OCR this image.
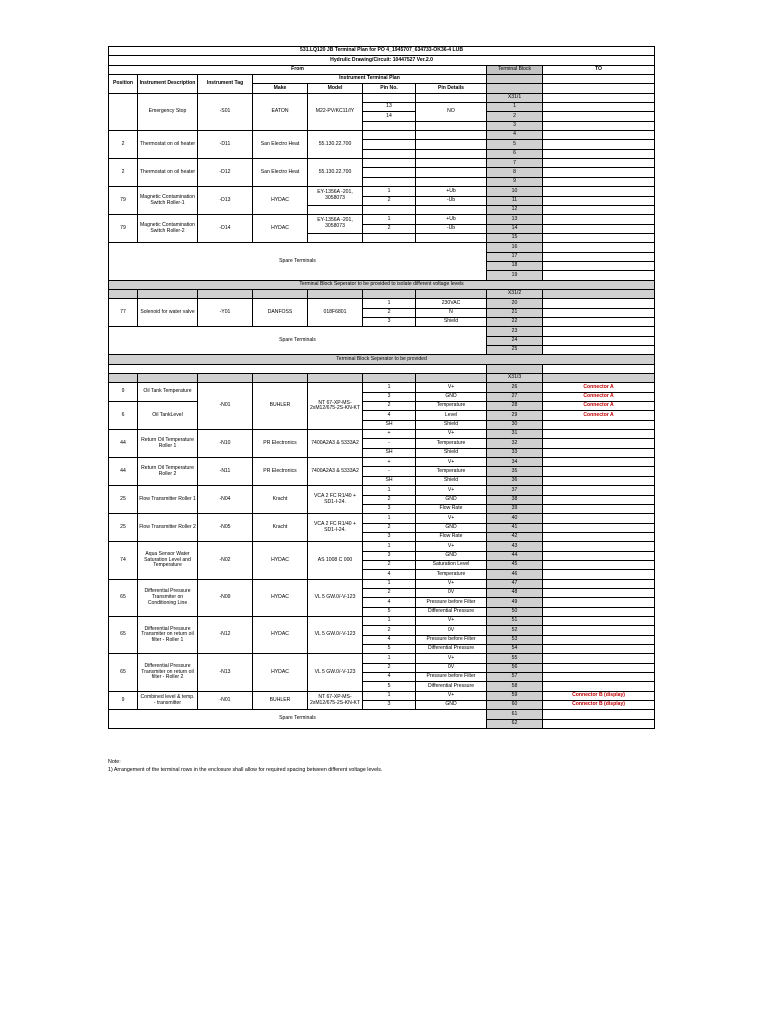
531.LQ120 JB Terminal Plan for PO 4_1945707_634733-OK36-4 LUB								
Hydrulic Drawing/Circuit: 10447527 Ver.2.0								
From							Terminal Block	TO
Position	Instrument Description	Instrument Tag	Instrument Terminal Plan					
			Make	Model	Pin No.	Pin Details		
	Emergency Stop	-S01	EATON	M22-PV/KC11/IY			X31/1	
					13	NO	1	
					14		2	
							3	
2	Thermostat on oil heater	-D11	San Electro Heat	55.130.22.700			4	
							5	
							6	
2	Thermostat on oil heater	-D12	San Electro Heat	55.130.22.700			7	
							8	
							9	
79	Magnetic Contamination Switch Roller-1	-D13	HYDAC	EY-1356A -201, 3058073	1	+Ub	10	
					2	-Ub	11	
							12	
79	Magnetic Contamination Switch Roller-2	-D14	HYDAC	EY-1356A -201, 3058073	1	+Ub	13	
					2	-Ub	14	
							15	
Spare Terminals							16	
							17	
							18	
							19	
Terminal Block Seperator to be provided to isolate different voltage levels								
							X31/2	
77	Solenoid for water valve	-Y01	DANFOSS	018F6801	1	230VAC	20	
					2	N	21	
					3	Shield	22	
Spare Terminals							23	
							24	
							25	
Terminal Block Seperator to be provided								

							X31/3	
9	Oil Tank Temperature	-N01	BUHLER	NT 67-XP-MS-2xM12/675-2S-KN-KT	1	V+	26	Connector A
					3	GND	27	Connector A
6	Oil TankLevel				2	Temperature	28	Connector A
					4	Level	29	Connector A
					SH	Shield	30	
44	Return Oil Temperature Roller 1	-N10	PR Electronics	7400A2A3 & 5333A2	+	V+	31	
					-	Temperature	32	
					SH	Shield	33	
44	Return Oil Temperature Roller 2	-N11	PR Electronics	7400A2A3 & 5333A2	+	V+	34	
					-	Temperature	35	
					SH	Shield	36	
25	Flow Transmitter Roller 1	-N04	Kracht	VCA 2 FC R1/40 + SD1-I-24.	1	V+	37	
					2	GND	38	
					3	Flow Rate	39	
25	Flow Transmitter Roller 2	-N05	Kracht	VCA 2 FC R1/40 + SD1-I-24.	1	V+	40	
					2	GND	41	
					3	Flow Rate	42	
74	Aqua Sensor Water Saturation Level and Temperature	-N02	HYDAC	AS 1008 C 000	1	V+	43	
					3	GND	44	
					2	Saturation Level	45	
					4	Temperature	46	
65	Differential Pressure Transmiter on Conditioning Line	-N09	HYDAC	VL 5 GW.0/-V-123	1	V+	47	
					2	0V	48	
					4	Pressure before Filter	49	
					5	Differential Pressure	50	
65	Differential Pressure Transmiter on return oil filter - Roller 1	-N12	HYDAC	VL 5 GW.0/-V-123	1	V+	51	
					2	0V	52	
					4	Pressure before Filter	53	
					5	Differential Pressure	54	
65	Differential Pressure Transmiter on return oil filter - Roller 2	-N13	HYDAC	VL 5 GW.0/-V-123	1	V+	55	
					2	0V	56	
					4	Pressure before Filter	57	
					5	Differential Pressure	58	
9	Combined level & temp. - transmitter	-N01	BUHLER	NT 67-XP-MS-2xM12/675-2S-KN-KT	1	V+	59	Connector B (display)
					3	GND	60	Connector B (display)
Spare Terminals							61	
							62	
Note:
1) Arrangement of the terminal rows in the enclosure shall allow for required spacing between different voltage levels.
